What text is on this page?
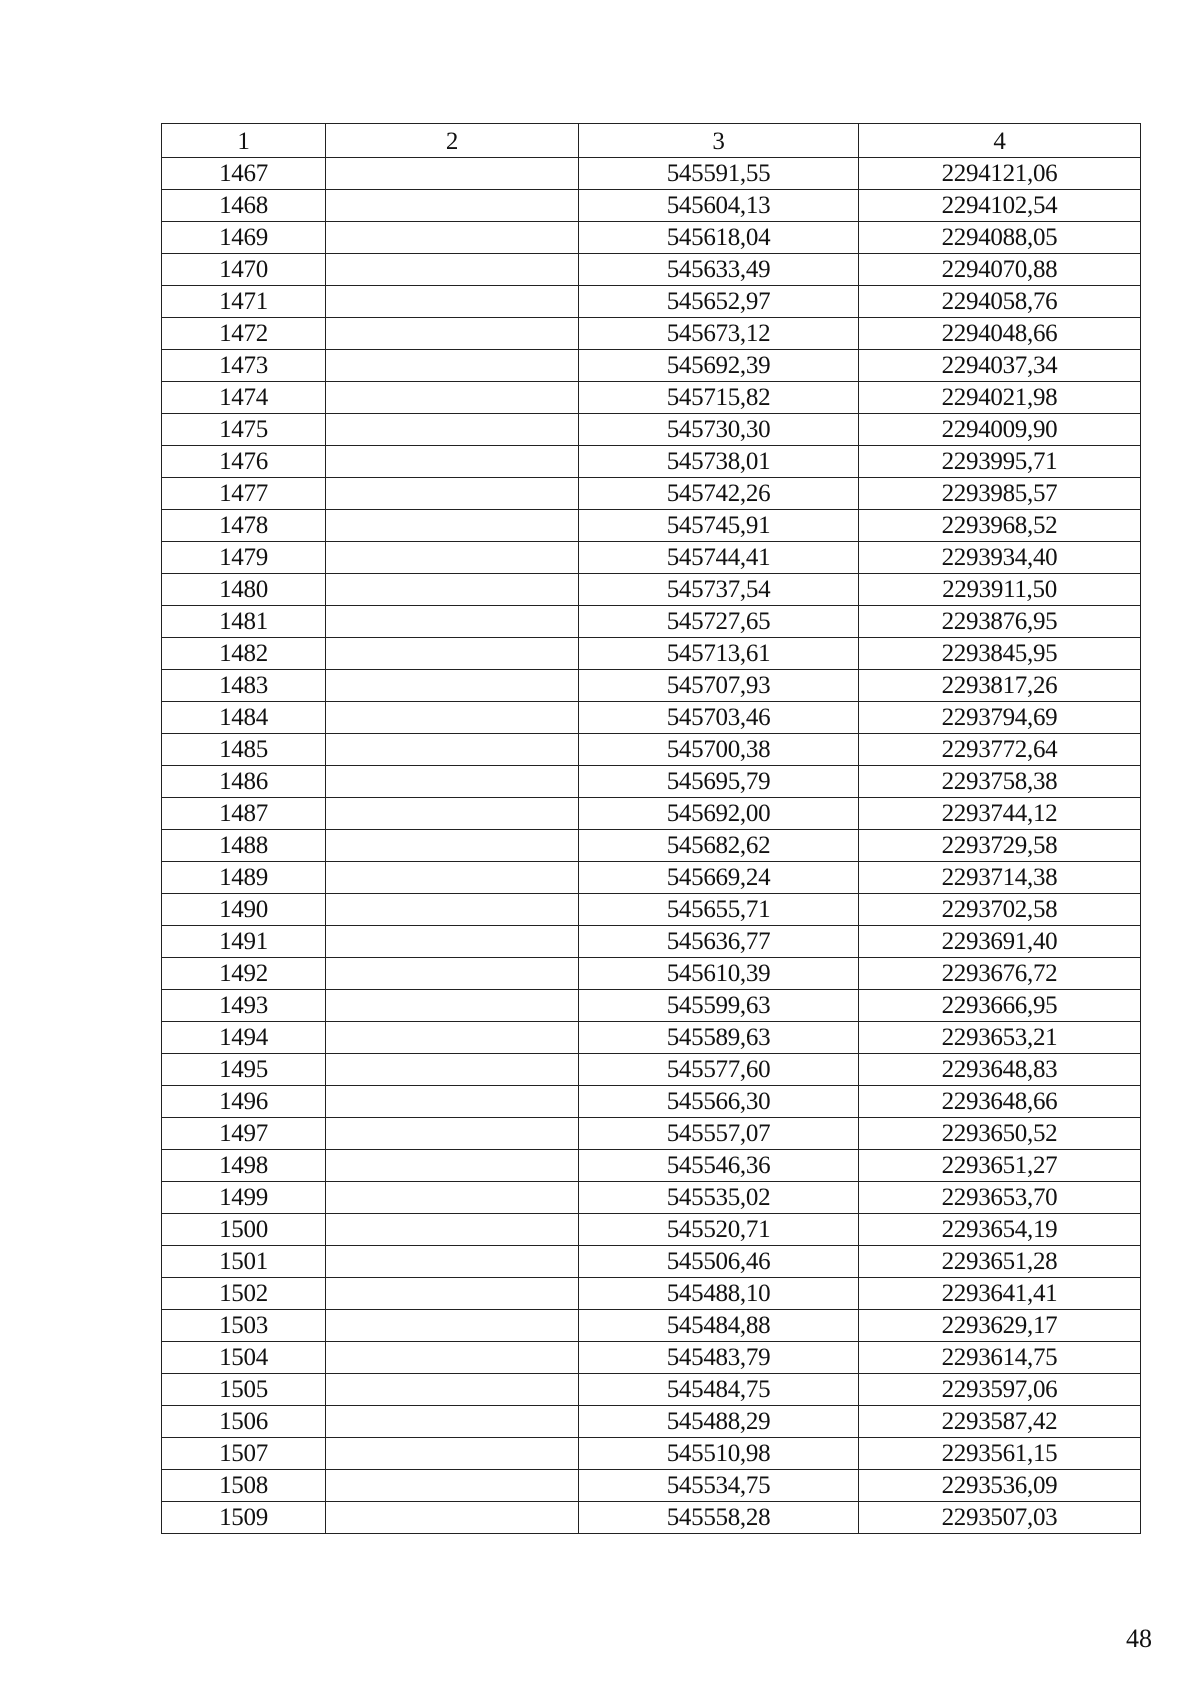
1	2	3	4
1467		545591,55	2294121,06
1468		545604,13	2294102,54
1469		545618,04	2294088,05
1470		545633,49	2294070,88
1471		545652,97	2294058,76
1472		545673,12	2294048,66
1473		545692,39	2294037,34
1474		545715,82	2294021,98
1475		545730,30	2294009,90
1476		545738,01	2293995,71
1477		545742,26	2293985,57
1478		545745,91	2293968,52
1479		545744,41	2293934,40
1480		545737,54	2293911,50
1481		545727,65	2293876,95
1482		545713,61	2293845,95
1483		545707,93	2293817,26
1484		545703,46	2293794,69
1485		545700,38	2293772,64
1486		545695,79	2293758,38
1487		545692,00	2293744,12
1488		545682,62	2293729,58
1489		545669,24	2293714,38
1490		545655,71	2293702,58
1491		545636,77	2293691,40
1492		545610,39	2293676,72
1493		545599,63	2293666,95
1494		545589,63	2293653,21
1495		545577,60	2293648,83
1496		545566,30	2293648,66
1497		545557,07	2293650,52
1498		545546,36	2293651,27
1499		545535,02	2293653,70
1500		545520,71	2293654,19
1501		545506,46	2293651,28
1502		545488,10	2293641,41
1503		545484,88	2293629,17
1504		545483,79	2293614,75
1505		545484,75	2293597,06
1506		545488,29	2293587,42
1507		545510,98	2293561,15
1508		545534,75	2293536,09
1509		545558,28	2293507,03
48
